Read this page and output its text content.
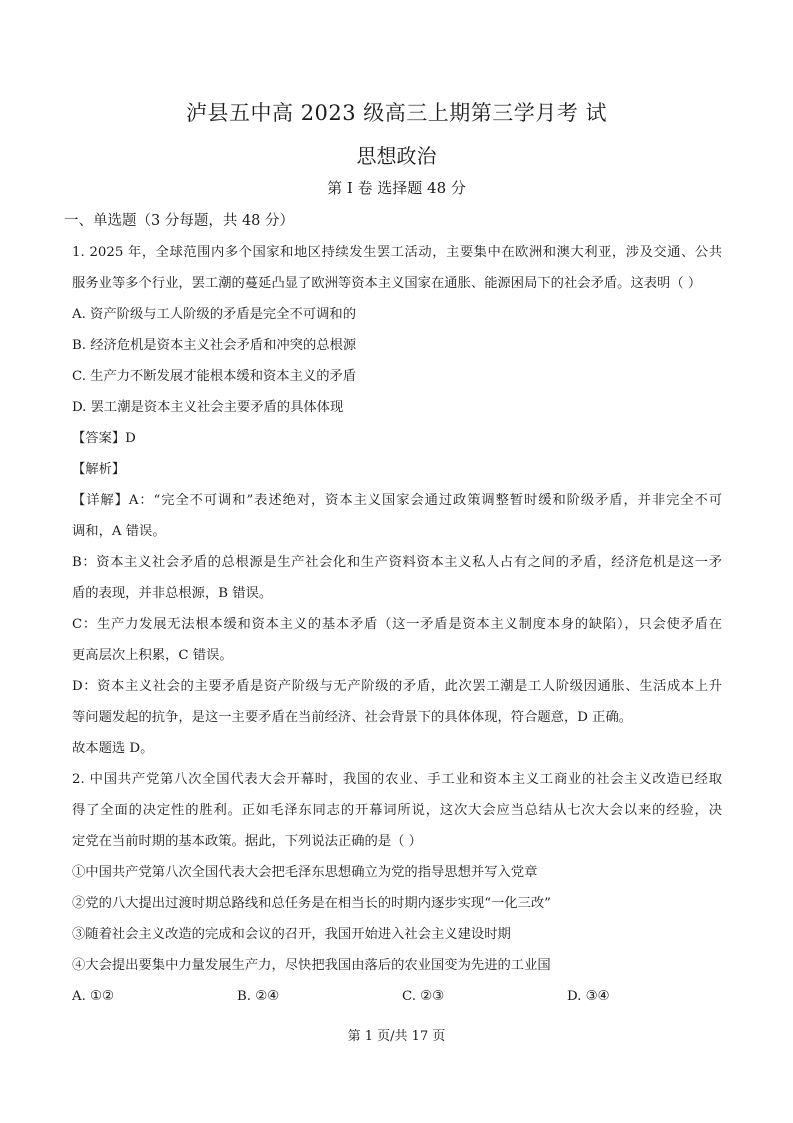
泸县五中高 2023 级高三上期第三学月考 试
思想政治
第 I 卷 选择题 48 分
一、单选题（3 分每题，共 48 分）
1. 2025 年，全球范围内多个国家和地区持续发生罢工活动，主要集中在欧洲和澳大利亚，涉及交通、公共
服务业等多个行业，罢工潮的蔓延凸显了欧洲等资本主义国家在通胀、能源困局下的社会矛盾。这表明（ ）
A. 资产阶级与工人阶级的矛盾是完全不可调和的
B. 经济危机是资本主义社会矛盾和冲突的总根源
C. 生产力不断发展才能根本缓和资本主义的矛盾
D. 罢工潮是资本主义社会主要矛盾的具体体现
【答案】D
【解析】
【详解】A：“完全不可调和”表述绝对，资本主义国家会通过政策调整暂时缓和阶级矛盾，并非完全不可
调和，A 错误。
B：资本主义社会矛盾的总根源是生产社会化和生产资料资本主义私人占有之间的矛盾，经济危机是这一矛
盾的表现，并非总根源，B 错误。
C：生产力发展无法根本缓和资本主义的基本矛盾（这一矛盾是资本主义制度本身的缺陷），只会使矛盾在
更高层次上积累，C 错误。
D：资本主义社会的主要矛盾是资产阶级与无产阶级的矛盾，此次罢工潮是工人阶级因通胀、生活成本上升
等问题发起的抗争，是这一主要矛盾在当前经济、社会背景下的具体体现，符合题意，D 正确。
故本题选 D。
2. 中国共产党第八次全国代表大会开幕时，我国的农业、手工业和资本主义工商业的社会主义改造已经取
得了全面的决定性的胜利。正如毛泽东同志的开幕词所说，这次大会应当总结从七次大会以来的经验，决
定党在当前时期的基本政策。据此，下列说法正确的是（ ）
①中国共产党第八次全国代表大会把毛泽东思想确立为党的指导思想并写入党章
②党的八大提出过渡时期总路线和总任务是在相当长的时期内逐步实现“一化三改”
③随着社会主义改造的完成和会议的召开，我国开始进入社会主义建设时期
④大会提出要集中力量发展生产力，尽快把我国由落后的农业国变为先进的工业国
A. ①②	B. ②④	C. ②③	D. ③④
第 1 页/共 17 页
